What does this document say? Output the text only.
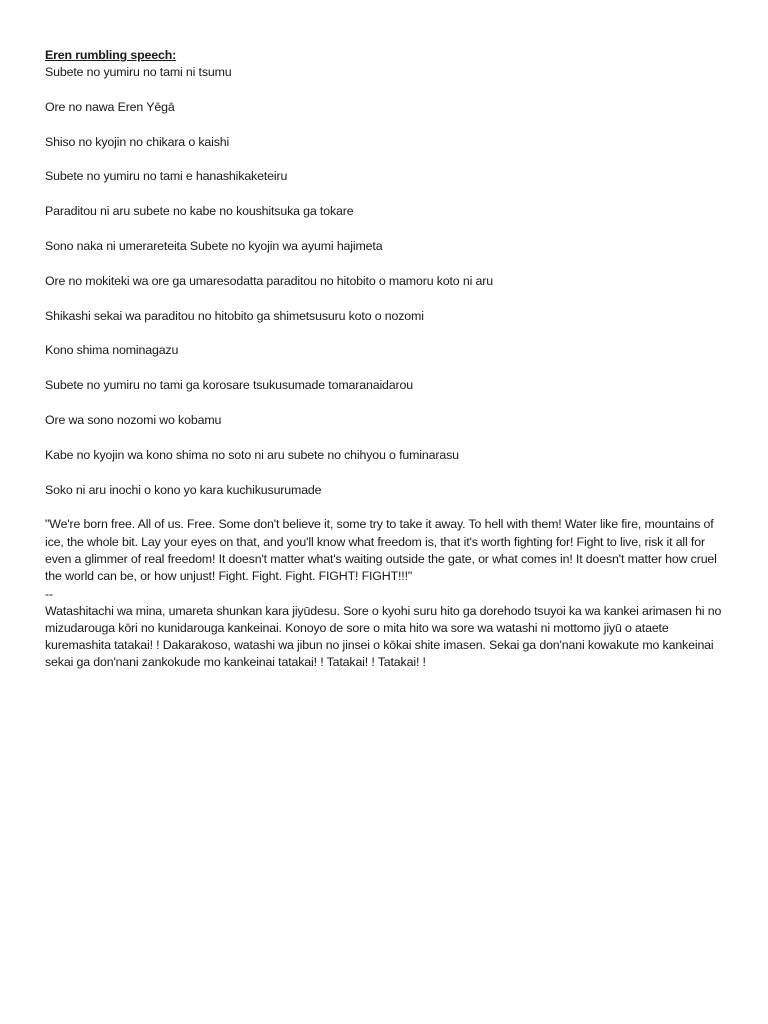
Eren rumbling speech:
Subete no yumiru no tami ni tsumu
Ore no nawa Eren Yēgā
Shiso no kyojin no chikara o kaishi
Subete no yumiru no tami e hanashikaketeiru
Paraditou ni aru subete no kabe no koushitsuka ga tokare
Sono naka ni umerareteita Subete no kyojin wa ayumi hajimeta
Ore no mokiteki wa ore ga umaresodatta paraditou no hitobito o mamoru koto ni aru
Shikashi sekai wa paraditou no hitobito ga shimetsusuru koto o nozomi
Kono shima nominagazu
Subete no yumiru no tami ga korosare tsukusumade tomaranaidarou
Ore wa sono nozomi wo kobamu
Kabe no kyojin wa kono shima no soto ni aru subete no chihyou o fuminarasu
Soko ni aru inochi o kono yo kara kuchikusurumade

"We're born free. All of us. Free. Some don't believe it, some try to take it away. To hell with them! Water like fire, mountains of ice, the whole bit. Lay your eyes on that, and you'll know what freedom is, that it's worth fighting for! Fight to live, risk it all for even a glimmer of real freedom! It doesn't matter what's waiting outside the gate, or what comes in! It doesn't matter how cruel the world can be, or how unjust! Fight. Fight. Fight. FIGHT! FIGHT!!!"

--

Watashitachi wa mina, umareta shunkan kara jiyūdesu. Sore o kyohi suru hito ga dorehodo tsuyoi ka wa kankei arimasen hi no mizudarouga kōri no kunidarouga kankeinai. Konoyo de sore o mita hito wa sore wa watashi ni mottomo jiyū o ataete kuremashita tatakai! ! Dakarakoso, watashi wa jibun no jinsei o kōkai shite imasen. Sekai ga don'nani kowakute mo kankeinai sekai ga don'nani zankokude mo kankeinai tatakai! ! Tatakai! ! Tatakai! !
